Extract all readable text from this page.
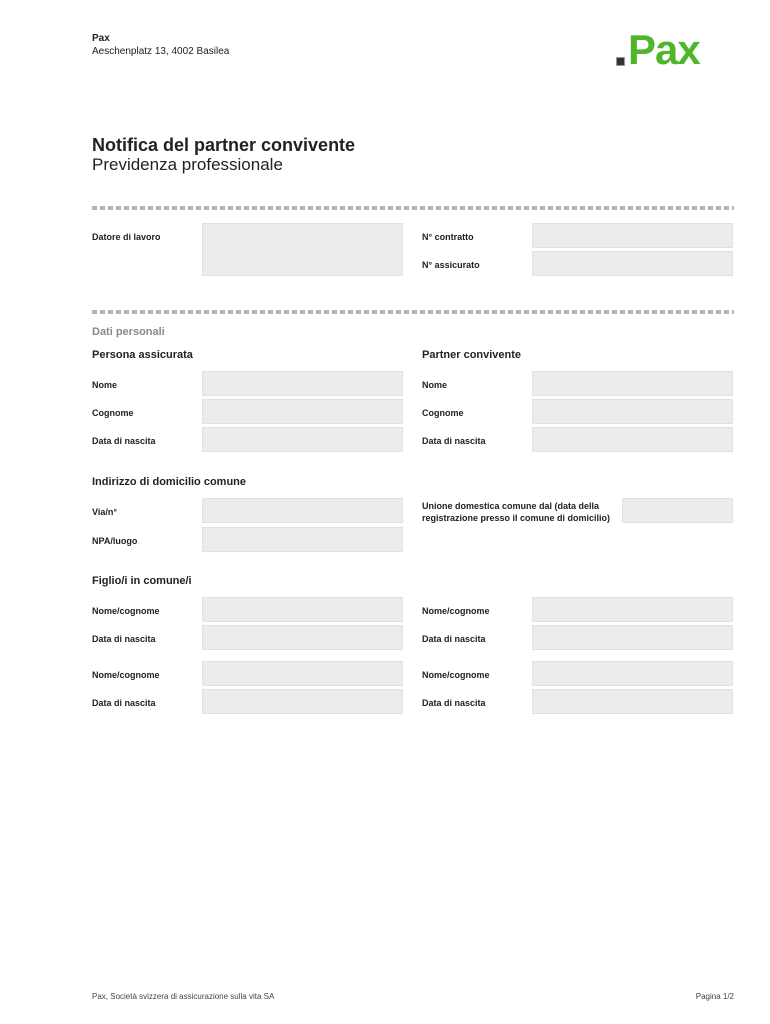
Pax
Aeschenplatz 13, 4002 Basilea	Pax
Notifica del partner convivente
Previdenza professionale
Datore di lavoro	N° contratto
N° assicurato
Dati personali
Persona assicurata	Partner convivente
Nome	Nome
Cognome	Cognome
Data di nascita	Data di nascita
Indirizzo di domicilio comune
Via/n°
Unione domestica comune dal (data della registrazione presso il comune di domicilio)
NPA/luogo
Figlio/i in comune/i
Nome/cognome	Nome/cognome
Data di nascita	Data di nascita
Nome/cognome	Nome/cognome
Data di nascita	Data di nascita
Pax, Società svizzera di assicurazione sulla vita SA	Pagina 1/2
